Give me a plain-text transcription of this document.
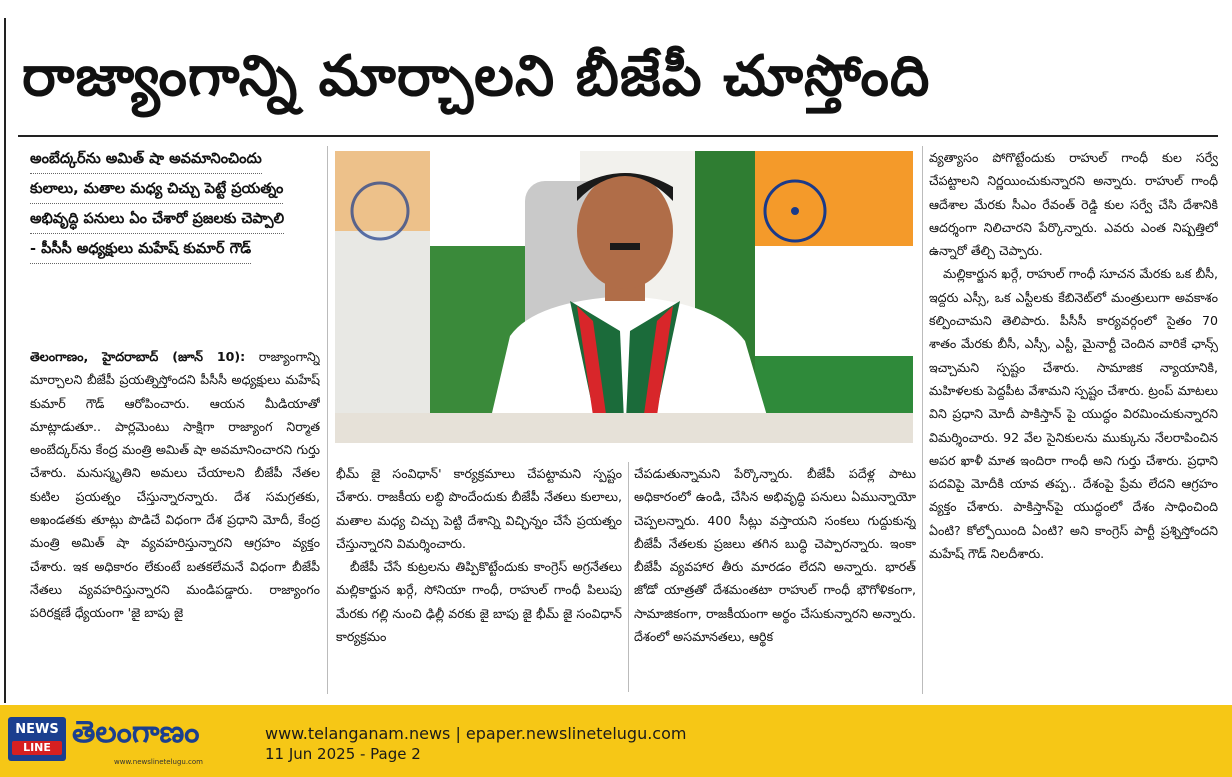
రాజ్యాంగాన్ని మార్చాలని బీజేపీ చూస్తోంది
అంబేద్కర్‌ను అమిత్ షా అవమానించిందు
కులాలు, మతాల మధ్య చిచ్చు పెట్టే ప్రయత్నం
అభివృద్ధి పనులు ఏం చేశారో ప్రజలకు చెప్పాలి
- పీసీసీ అధ్యక్షులు మహేష్ కుమార్ గౌడ్

తెలంగాణం, హైదరాబాద్ (జూన్ 10): రాజ్యాంగాన్ని మార్చాలని బీజేపీ ప్రయత్నిస్తోందని పీసీసీ అధ్యక్షులు మహేష్ కుమార్ గౌడ్ ఆరోపించారు. ఆయన మీడియాతో మాట్లాడుతూ.. పార్లమెంటు సాక్షిగా రాజ్యాంగ నిర్మాత అంబేద్కర్‌ను కేంద్ర మంత్రి అమిత్ షా అవమానించారని గుర్తు చేశారు. మనుస్మృతిని అమలు చేయాలని బీజేపీ నేతల కుటిల ప్రయత్నం చేస్తున్నారన్నారు. దేశ సమగ్రతకు, అఖండతకు తూట్లు పొడిచే విధంగా దేశ ప్రధాని మోదీ, కేంద్ర మంత్రి అమిత్ షా వ్యవహరిస్తున్నారని ఆగ్రహం వ్యక్తం చేశారు. ఇక అధికారం లేకుంటే బతకలేమనే విధంగా బీజేపీ నేతలు వ్యవహరిస్తున్నారని మండిపడ్డారు. రాజ్యాంగం పరిరక్షణే ధ్యేయంగా 'జై బాపు జై

భీమ్ జై సంవిధాన్' కార్యక్రమాలు చేపట్టామని స్పష్టం చేశారు. రాజకీయ లబ్ధి పొందేందుకు బీజేపీ నేతలు కులాలు, మతాల మధ్య చిచ్చు పెట్టి దేశాన్ని విచ్ఛిన్నం చేసే ప్రయత్నం చేస్తున్నారని విమర్శించారు.

బీజేపీ చేసే కుట్రలను తిప్పికొట్టేందుకు కాంగ్రెస్ అగ్రనేతలు మల్లికార్జున ఖర్గే, సోనియా గాంధీ, రాహుల్ గాంధీ పిలుపు మేరకు గల్లి నుంచి ఢిల్లీ వరకు జై బాపు జై భీమ్ జై సంవిధాన్ కార్యక్రమం

చేపడుతున్నామని పేర్కొన్నారు. బీజేపీ పదేళ్ల పాటు అధికారంలో ఉండి, చేసిన అభివృద్ధి పనులు ఏమున్నాయో చెప్పలన్నారు. 400 సీట్లు వస్తాయని సంకలు గుద్దుకున్న బీజేపీ నేతలకు ప్రజలు తగిన బుద్ధి చెప్పారన్నారు. ఇంకా బీజేపీ వ్యవహార తీరు మారడం లేదని అన్నారు. భారత్ జోడో యాత్రతో దేశమంతటా రాహుల్ గాంధీ భౌగోళికంగా, సామాజికంగా, రాజకీయంగా అర్థం చేసుకున్నారని అన్నారు. దేశంలో అసమానతలు, ఆర్థిక

వ్యత్యాసం పోగొట్టేందుకు రాహుల్ గాంధీ కుల సర్వే చేపట్టాలని నిర్ణయించుకున్నారని అన్నారు. రాహుల్ గాంధీ ఆదేశాల మేరకు సీఎం రేవంత్ రెడ్డి కుల సర్వే చేసి దేశానికి ఆదర్శంగా నిలిచారని పేర్కొన్నారు. ఎవరు ఎంత నిష్పత్తిలో ఉన్నారో తేల్చి చెప్పారు.

మల్లికార్జున ఖర్గే, రాహుల్ గాంధీ సూచన మేరకు ఒక బీసీ, ఇద్దరు ఎస్సీ, ఒక ఎస్టీలకు కేబినెట్‌లో మంత్రులుగా అవకాశం కల్పించామని తెలిపారు. పీసీసీ కార్యవర్గంలో సైతం 70 శాతం మేరకు బీసీ, ఎస్సీ, ఎస్టీ, మైనార్టీ చెందిన వారికే ఛాన్స్ ఇచ్చామని స్పష్టం చేశారు. సామాజిక న్యాయానికి, మహిళలకు పెద్దపీట వేశామని స్పష్టం చేశారు. ట్రంప్ మాటలు విని ప్రధాని మోదీ పాకిస్తాన్ పై యుద్ధం విరమించుకున్నారని విమర్శించారు. 92 వేల సైనికులను ముక్కును నేలరాపించిన అపర ఖాళీ మాత ఇందిరా గాంధీ అని గుర్తు చేశారు. ప్రధాని పదవిపై మోదీకి యావ తప్ప.. దేశంపై ప్రేమ లేదని ఆగ్రహం వ్యక్తం చేశారు. పాకిస్తాన్‌పై యుద్ధంలో దేశం సాధించింది ఏంటి? కోల్పోయింది ఏంటి? అని కాంగ్రెస్ పార్టీ ప్రశ్నిస్తోందని మహేష్ గౌడ్ నిలదీశారు.

NEWS
LINE తెలంగాణం
www.newslinetelugu.com
www.telanganam.news | epaper.newslinetelugu.com
11 Jun 2025 - Page 2
